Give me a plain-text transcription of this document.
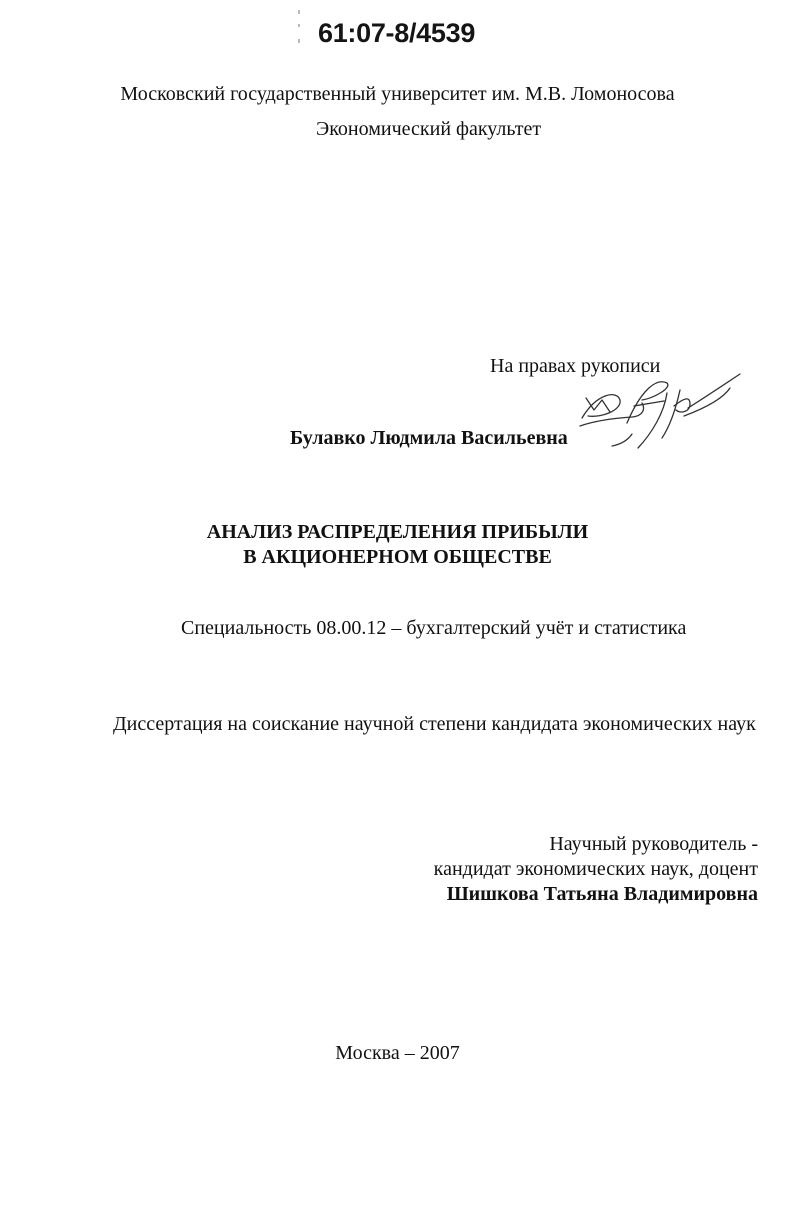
61:07-8/4539
Московский государственный университет им. М.В. Ломоносова
Экономический факультет
На правах рукописи
Булавко Людмила Васильевна
АНАЛИЗ РАСПРЕДЕЛЕНИЯ ПРИБЫЛИ
В АКЦИОНЕРНОМ ОБЩЕСТВЕ
Специальность 08.00.12 – бухгалтерский учёт и статистика
Диссертация на соискание научной степени кандидата экономических наук
Научный руководитель -
кандидат экономических наук, доцент
Шишкова Татьяна Владимировна
Москва – 2007
